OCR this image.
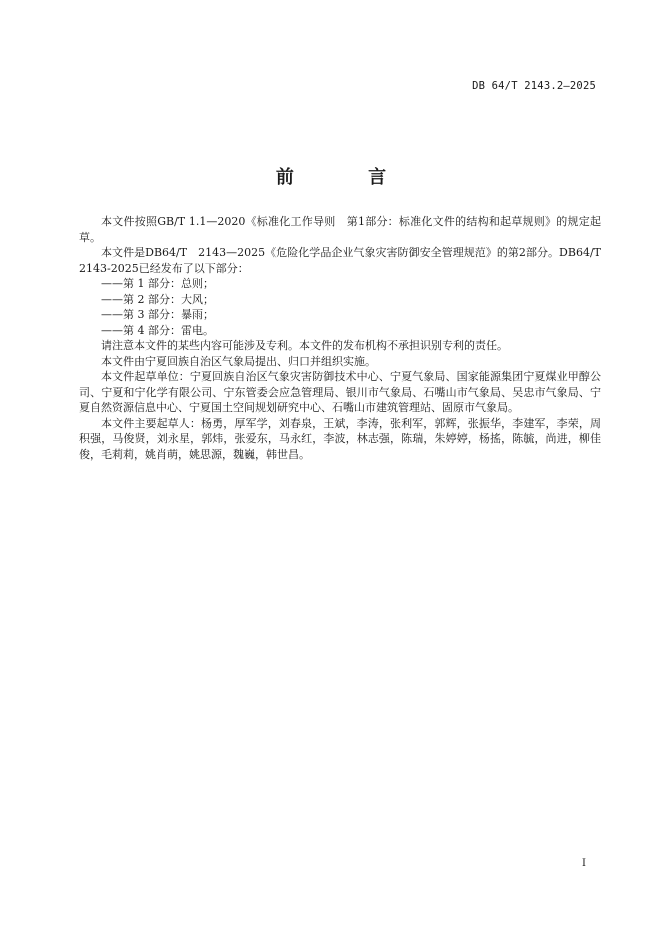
DB 64/T 2143.2—2025
前 言

本文件按照GB/T 1.1—2020《标准化工作导则　第1部分：标准化文件的结构和起草规则》的规定起草。

本文件是DB64/T　2143—2025《危险化学品企业气象灾害防御安全管理规范》的第2部分。DB64/T 2143-2025已经发布了以下部分：

——第 1 部分：总则；

——第 2 部分：大风；

——第 3 部分：暴雨；

——第 4 部分：雷电。

请注意本文件的某些内容可能涉及专利。本文件的发布机构不承担识别专利的责任。

本文件由宁夏回族自治区气象局提出、归口并组织实施。

本文件起草单位：宁夏回族自治区气象灾害防御技术中心、宁夏气象局、国家能源集团宁夏煤业甲醇公司、宁夏和宁化学有限公司、宁东管委会应急管理局、银川市气象局、石嘴山市气象局、吴忠市气象局、宁夏自然资源信息中心、宁夏国土空间规划研究中心、石嘴山市建筑管理站、固原市气象局。

本文件主要起草人：杨勇，厚军学，刘春泉，王斌，李涛，张利军，郭辉，张振华，李建军，李荣，周积强，马俊贤，刘永星，郭炜，张爱东，马永红，李波，林志强，陈瑞，朱婷婷，杨搖，陈毓，尚进，柳佳俊，毛莉莉，姚肖萌，姚思源，魏巍，韩世昌。

I
